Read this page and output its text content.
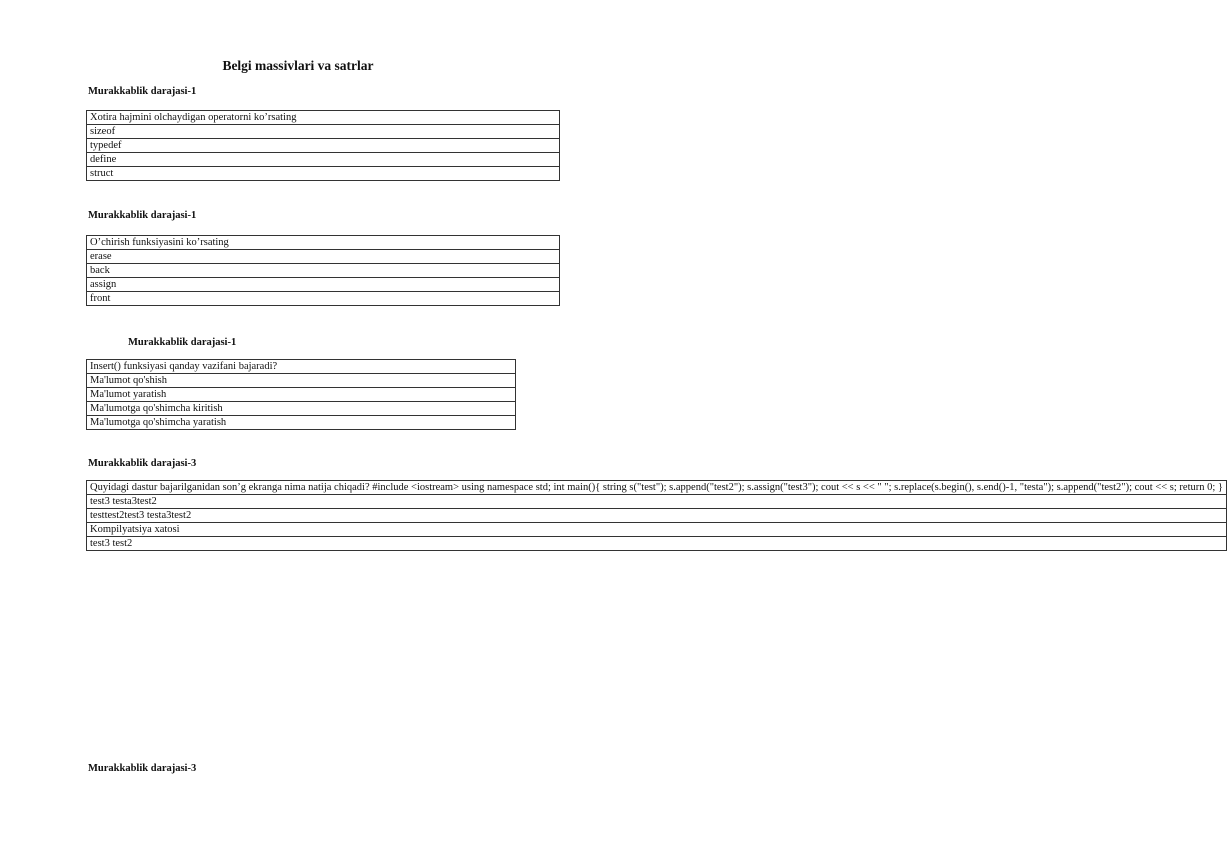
Belgi massivlari va satrlar
Murakkablik darajasi-1
Xotira hajmini olchaydigan operatorni ko’rsating
sizeof
typedef
define
struct
Murakkablik darajasi-1
O’chirish funksiyasini ko’rsating
erase
back
assign
front
Murakkablik darajasi-1
Insert() funksiyasi qanday vazifani bajaradi?
Ma'lumot qo'shish
Ma'lumot yaratish
Ma'lumotga qo'shimcha kiritish
Ma'lumotga qo'shimcha yaratish
Murakkablik darajasi-3
Quyidagi dastur bajarilganidan son’g ekranga nima natija chiqadi? #include <iostream> using namespace std; int main(){ string s("test"); s.append("test2"); s.assign("test3"); cout << s << " "; s.replace(s.begin(), s.end()-1, "testa"); s.append("test2"); cout << s; return 0; }
test3 testa3test2
testtest2test3 testa3test2
Kompilyatsiya xatosi
test3 test2
Murakkablik darajasi-3
